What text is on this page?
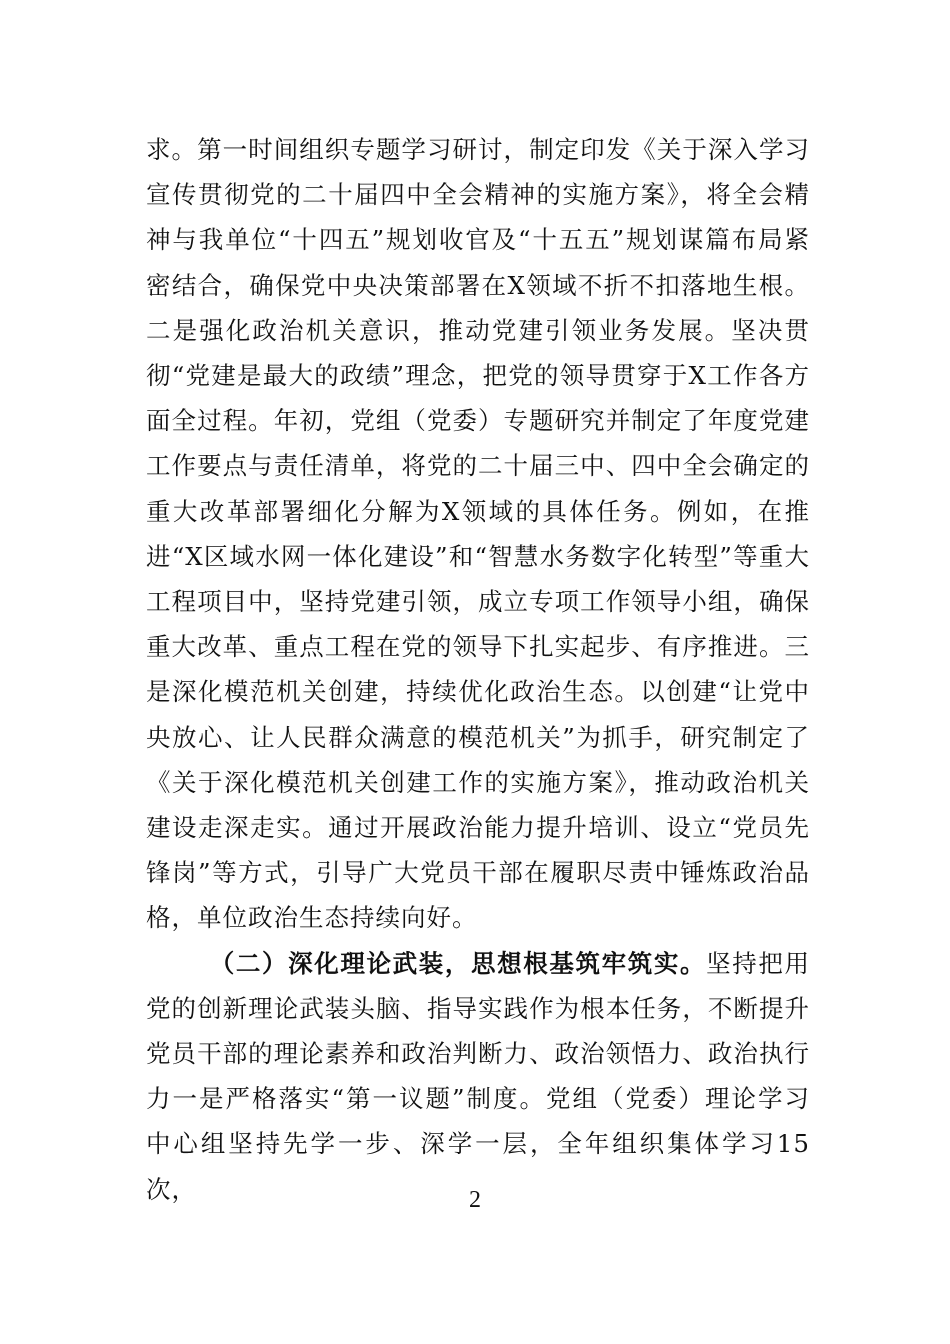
求。第一时间组织专题学习研讨，制定印发《关于深入学习宣传贯彻党的二十届四中全会精神的实施方案》，将全会精神与我单位“十四五”规划收官及“十五五”规划谋篇布局紧密结合，确保党中央决策部署在X领域不折不扣落地生根。二是强化政治机关意识，推动党建引领业务发展。坚决贯彻“党建是最大的政绩”理念，把党的领导贯穿于X工作各方面全过程。年初，党组（党委）专题研究并制定了年度党建工作要点与责任清单，将党的二十届三中、四中全会确定的重大改革部署细化分解为X领域的具体任务。例如，在推进“X区域水网一体化建设”和“智慧水务数字化转型”等重大工程项目中，坚持党建引领，成立专项工作领导小组，确保重大改革、重点工程在党的领导下扎实起步、有序推进。三是深化模范机关创建，持续优化政治生态。以创建“让党中央放心、让人民群众满意的模范机关”为抓手，研究制定了《关于深化模范机关创建工作的实施方案》，推动政治机关建设走深走实。通过开展政治能力提升培训、设立“党员先锋岗”等方式，引导广大党员干部在履职尽责中锤炼政治品格，单位政治生态持续向好。

（二）深化理论武装，思想根基筑牢筑实。坚持把用党的创新理论武装头脑、指导实践作为根本任务，不断提升党员干部的理论素养和政治判断力、政治领悟力、政治执行力一是严格落实“第一议题”制度。党组（党委）理论学习中心组坚持先学一步、深学一层，全年组织集体学习15次，	2
